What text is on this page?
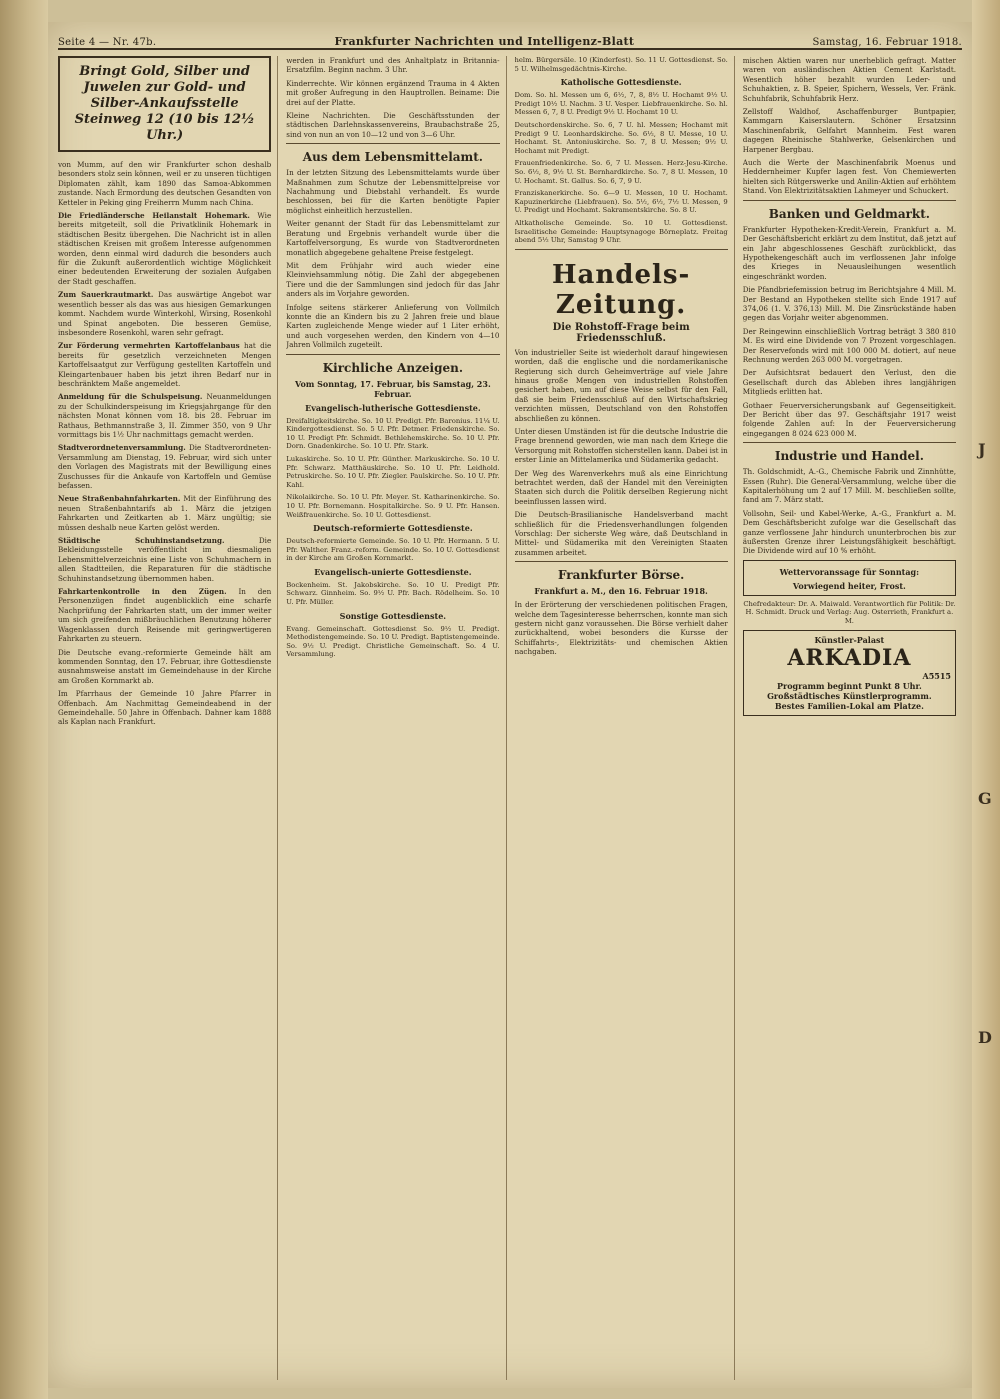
J
G
D
Seite 4 — Nr. 47b.	Frankfurter Nachrichten und Intelligenz-Blatt	Samstag, 16. Februar 1918.
Bringt Gold, Silber und Juwelen zur Gold- und Silber-Ankaufsstelle Steinweg 12 (10 bis 12½ Uhr.)

von Mumm, auf den wir Frankfurter schon deshalb besonders stolz sein können, weil er zu unseren tüchtigen Diplomaten zählt, kam 1890 das Samoa-Abkommen zustande. Nach Ermordung des deutschen Gesandten von Ketteler in Peking ging Freiherrn Mumm nach China.

Die Friedländersche Heilanstalt Hohemark. Wie bereits mitgeteilt, soll die Privatklinik Hohemark in städtischen Besitz übergehen. Die Nachricht ist in allen städtischen Kreisen mit großem Interesse aufgenommen worden, denn einmal wird dadurch die besonders auch für die Zukunft außerordentlich wichtige Möglichkeit einer bedeutenden Erweiterung der sozialen Aufgaben der Stadt geschaffen.

Zum Sauerkrautmarkt. Das auswärtige Angebot war wesentlich besser als das was aus hiesigen Gemarkungen kommt. Nachdem wurde Winterkohl, Wirsing, Rosenkohl und Spinat angeboten. Die besseren Gemüse, insbesondere Rosenkohl, waren sehr gefragt.

Zur Förderung vermehrten Kartoffelanbaus hat die bereits für gesetzlich verzeichneten Mengen Kartoffelsaatgut zur Verfügung gestellten Kartoffeln und Kleingartenbauer haben bis jetzt ihren Bedarf nur in beschränktem Maße angemeldet.

Anmeldung für die Schulspeisung. Neuanmeldungen zu der Schulkinderspeisung im Kriegsjahrgange für den nächsten Monat können vom 18. bis 28. Februar im Rathaus, Bethmannstraße 3, II. Zimmer 350, von 9 Uhr vormittags bis 1½ Uhr nachmittags gemacht werden.

Stadtverordnetenversammlung. Die Stadtverordneten-Versammlung am Dienstag, 19. Februar, wird sich unter den Vorlagen des Magistrats mit der Bewilligung eines Zuschusses für die Ankaufe von Kartoffeln und Gemüse befassen.

Neue Straßenbahnfahrkarten. Mit der Einführung des neuen Straßenbahntarifs ab 1. März die jetzigen Fahrkarten und Zeitkarten ab 1. März ungültig; sie müssen deshalb neue Karten gelöst werden.

Städtische Schuhinstandsetzung.	Die Bekleidungsstelle veröffentlicht im diesmaligen Lebensmittelverzeichnis eine Liste von Schuhmachern in allen Stadtteilen, die Reparaturen für die städtische Schuhinstandsetzung übernommen haben.

Fahrkartenkontrolle in den Zügen. In den Personenzügen findet augenblicklich eine scharfe Nachprüfung der Fahrkarten statt, um der immer weiter um sich greifenden mißbräuchlichen Benutzung höherer Wagenklassen durch Reisende mit geringwertigeren Fahrkarten zu steuern.

Die Deutsche evang.-reformierte Gemeinde hält am kommenden Sonntag, den 17. Februar, ihre Gottesdienste ausnahmsweise anstatt im Gemeindehause in der Kirche am Großen Kornmarkt ab.

Im Pfarrhaus der Gemeinde 10 Jahre Pfarrer in Offenbach. Am Nachmittag Gemeindeabend in der Gemeindehalle. 50 Jahre in Offenbach. Dahner kam 1888 als Kaplan nach Frankfurt.

werden in Frankfurt und des Anhaltplatz in Britannia-Ersatzfilm. Beginn nachm. 3 Uhr.

Kinderrechte. Wir können ergänzend Trauma in 4 Akten mit großer Aufregung in den Hauptrollen. Beiname: Die drei auf der Platte.

Kleine Nachrichten. Die Geschäftsstunden der städtischen Darlehnskassenvereins, Braubachstraße 25, sind von nun an von 10—12 und von 3—6 Uhr.

Aus dem Lebensmittelamt.

In der letzten Sitzung des Lebensmittelamts wurde über Maßnahmen zum Schutze der Lebensmittelpreise vor Nachahmung und Diebstahl verhandelt. Es wurde beschlossen, bei für die Karten benötigte Papier möglichst einheitlich herzustellen.

Weiter genannt der Stadt für das Lebensmittelamt zur Beratung und Ergebnis verhandelt wurde über die Kartoffelversorgung, Es wurde von Stadtverordneten monatlich abgegebene gehaltene Preise festgelegt.

Mit dem Frühjahr wird auch wieder eine Kleinviehsammlung nötig. Die Zahl der abgegebenen Tiere und die der Sammlungen sind jedoch für das Jahr anders als im Vorjahre geworden.

Infolge seitens stärkerer Anlieferung von Vollmilch konnte die an Kindern bis zu 2 Jahren freie und blaue Karten zugleichende Menge wieder auf 1 Liter erhöht, und auch vorgesehen werden, den Kindern von 4—10 Jahren Vollmilch zugeteilt.

Kirchliche Anzeigen.
Vom Sonntag, 17. Februar, bis Samstag, 23. Februar.
Evangelisch-lutherische Gottesdienste.

Dreifaltigkeitskirche. So. 10 U. Predigt. Pfr. Baronius. 11¼ U. Kindergottesdienst. So. 5 U. Pfr. Detmer. Friedenskirche. So. 10 U. Predigt Pfr. Schmidt. Bethlehemskirche. So. 10 U. Pfr. Dorn. Gnadenkirche. So. 10 U. Pfr. Stark.

Lukaskirche. So. 10 U. Pfr. Günther. Markuskirche. So. 10 U. Pfr. Schwarz. Matthäuskirche. So. 10 U. Pfr. Leidhold. Petruskirche. So. 10 U. Pfr. Ziegler. Paulskirche. So. 10 U. Pfr. Kahl.

Nikolaikirche. So. 10 U. Pfr. Meyer. St. Katharinenkirche. So. 10 U. Pfr. Bornemann. Hospitalkirche. So. 9 U. Pfr. Hansen. Weißfrauenkirche. So. 10 U. Gottesdienst.

Deutsch-reformierte Gottesdienste.

Deutsch-reformierte Gemeinde. So. 10 U. Pfr. Hermann. 5 U. Pfr. Walther. Franz.-reform. Gemeinde. So. 10 U. Gottesdienst in der Kirche am Großen Kornmarkt.

Evangelisch-unierte Gottesdienste.

Bockenheim. St. Jakobskirche. So. 10 U. Predigt Pfr. Schwarz. Ginnheim. So. 9½ U. Pfr. Bach. Rödelheim. So. 10 U. Pfr. Müller.

Sonstige Gottesdienste.

Evang. Gemeinschaft. Gottesdienst So. 9½ U. Predigt. Methodistengemeinde. So. 10 U. Predigt. Baptistengemeinde. So. 9½ U. Predigt. Christliche Gemeinschaft. So. 4 U. Versammlung.

helm. Bürgersäle. 10 (Kinderfest). So. 11 U. Gottesdienst. So. 5 U. Wilhelmsgedächtnis-Kirche.

Katholische Gottesdienste.

Dom. So. hl. Messen um 6, 6½, 7, 8, 8½ U. Hochamt 9½ U. Predigt 10½ U. Nachm. 3 U. Vesper. Liebfrauenkirche. So. hl. Messen 6, 7, 8 U. Predigt 9½ U. Hochamt 10 U.

Deutschordenskirche. So. 6, 7 U. hl. Messen; Hochamt mit Predigt 9 U. Leonhardskirche. So. 6½, 8 U. Messe, 10 U. Hochamt. St. Antoniuskirche. So. 7, 8 U. Messen; 9½ U. Hochamt mit Predigt.

Frauenfriedenkirche. So. 6, 7 U. Messen. Herz-Jesu-Kirche. So. 6½, 8, 9½ U. St. Bernhardkirche. So. 7, 8 U. Messen, 10 U. Hochamt. St. Gallus. So. 6, 7, 9 U.

Franziskanerkirche. So. 6—9 U. Messen, 10 U. Hochamt. Kapuzinerkirche (Liebfrauen). So. 5½, 6½, 7½ U. Messen, 9 U. Predigt und Hochamt. Sakramentskirche. So. 8 U.

Altkatholische Gemeinde. So. 10 U. Gottesdienst. Israelitische Gemeinde: Hauptsynagoge Börneplatz. Freitag abend 5½ Uhr, Samstag 9 Uhr.

Handels-Zeitung.
Die Rohstoff-Frage beim Friedensschluß.

Von industrieller Seite ist wiederholt darauf hingewiesen worden, daß die englische und die nordamerikanische Regierung sich durch Geheimverträge auf viele Jahre hinaus große Mengen von industriellen Rohstoffen gesichert haben, um auf diese Weise selbst für den Fall, daß sie beim Friedensschluß auf den Wirtschaftskrieg verzichten müssen, Deutschland von den Rohstoffen abschließen zu können.

Unter diesen Umständen ist für die deutsche Industrie die Frage brennend geworden, wie man nach dem Kriege die Versorgung mit Rohstoffen sicherstellen kann. Dabei ist in erster Linie an Mittelamerika und Südamerika gedacht.

Der Weg des Warenverkehrs muß als eine Einrichtung betrachtet werden, daß der Handel mit den Vereinigten Staaten sich durch die Politik derselben Regierung nicht beeinflussen lassen wird.

Die Deutsch-Brasilianische Handelsverband macht schließlich für die Friedensverhandlungen folgenden Vorschlag: Der sicherste Weg wäre, daß Deutschland in Mittel- und Südamerika mit den Vereinigten Staaten zusammen arbeitet.

Frankfurter Börse.
Frankfurt a. M., den 16. Februar 1918.

In der Erörterung der verschiedenen politischen Fragen, welche dem Tagesinteresse beherrschen, konnte man sich gestern nicht ganz voraussehen. Die Börse verhielt daher zurückhaltend, wobei besonders die Kursse der Schiffahrts-, Elektrizitäts- und chemischen Aktien nachgaben.

mischen Aktien waren nur unerheblich gefragt. Matter waren von ausländischen Aktien Cement Karlstadt. Wesentlich höher bezahlt wurden Leder- und Schuhaktien, z. B. Speier, Spichern, Wessels, Ver. Fränk. Schuhfabrik, Schuhfabrik Herz.

Zellstoff Waldhof, Aschaffenburger Buntpapier, Kammgarn Kaiserslautern. Schöner Ersatzsinn Maschinenfabrik, Gelfahrt Mannheim. Fest waren dagegen Rheinische Stahlwerke, Gelsenkirchen und Harpener Bergbau.

Auch die Werte der Maschinenfabrik Moenus und Heddernheimer Kupfer lagen fest. Von Chemiewerten hielten sich Rütgerswerke und Anilin-Aktien auf erhöhtem Stand. Von Elektrizitätsaktien Lahmeyer und Schuckert.

Banken und Geldmarkt.

Frankfurter Hypotheken-Kredit-Verein, Frankfurt a. M. Der Geschäftsbericht erklärt zu dem Institut, daß jetzt auf ein Jahr abgeschlossenes Geschäft zurückblickt, das Hypothekengeschäft auch im verflossenen Jahr infolge des Krieges in Neuausleihungen wesentlich eingeschränkt worden.

Die Pfandbriefemission betrug im Berichtsjahre 4 Mill. M. Der Bestand an Hypotheken stellte sich Ende 1917 auf 374,06 (1. V. 376,13) Mill. M. Die Zinsrückstände haben gegen das Vorjahr weiter abgenommen.

Der Reingewinn einschließlich Vortrag beträgt 3 380 810 M. Es wird eine Dividende von 7 Prozent vorgeschlagen. Der Reservefonds wird mit 100 000 M. dotiert, auf neue Rechnung werden 263 000 M. vorgetragen.

Der Aufsichtsrat bedauert den Verlust, den die Gesellschaft durch das Ableben ihres langjährigen Mitglieds erlitten hat.

Gothaer Feuerversicherungsbank auf Gegenseitigkeit. Der Bericht über das 97. Geschäftsjahr 1917 weist folgende Zahlen auf: In der Feuerversicherung eingegangen 8 024 623 000 M.

Industrie und Handel.

Th. Goldschmidt, A.-G., Chemische Fabrik und Zinnhütte, Essen (Ruhr). Die General-Versammlung, welche über die Kapitalerhöhung um 2 auf 17 Mill. M. beschließen sollte, fand am 7. März statt.

Vollsohn, Seil- und Kabel-Werke, A.-G., Frankfurt a. M. Dem Geschäftsbericht zufolge war die Gesellschaft das ganze verflossene Jahr hindurch ununterbrochen bis zur äußersten Grenze ihrer Leistungsfähigkeit beschäftigt. Die Dividende wird auf 10 % erhöht.

Wettervoranssage für Sonntag:
Vorwiegend heiter, Frost.

Chefredakteur: Dr. A. Maiwald. Verantwortlich für Politik: Dr. H. Schmidt. Druck und Verlag: Aug. Osterrieth, Frankfurt a. M.

Künstler-Palast
ARKADIA
A5515
Programm beginnt Punkt 8 Uhr.
Großstädtisches Künstlerprogramm.
Bestes Familien-Lokal am Platze.
